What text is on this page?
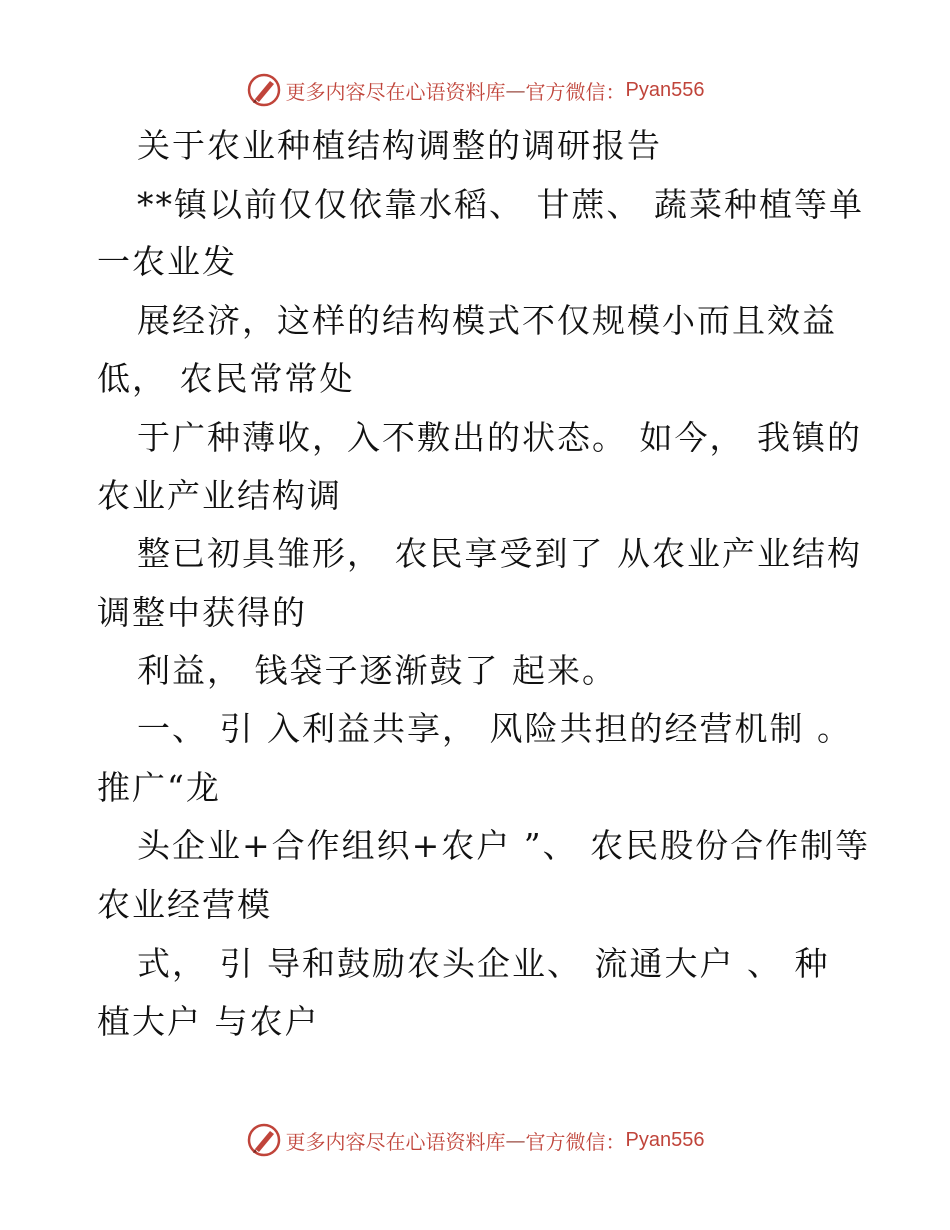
更多内容尽在心语资料库 — 官方微信： Pyan556
关于农业种植结构调整的调研报告
**镇以前仅仅依靠水稻、 甘蔗、 蔬菜种植等单
一农业发
展经济，这样的结构模式不仅规模小而且效益
低， 农民常常处
于广种薄收，入不敷出的状态。 如今， 我镇的
农业产业结构调
整已初具雏形， 农民享受到了 从农业产业结构
调整中获得的
利益， 钱袋子逐渐鼓了 起来。
一、 引 入利益共享， 风险共担的经营机制 。
推广“龙
头企业+合作组织+农户 ”、 农民股份合作制等
农业经营模
式， 引 导和鼓励农头企业、 流通大户 、 种
植大户 与农户
更多内容尽在心语资料库 — 官方微信： Pyan556
